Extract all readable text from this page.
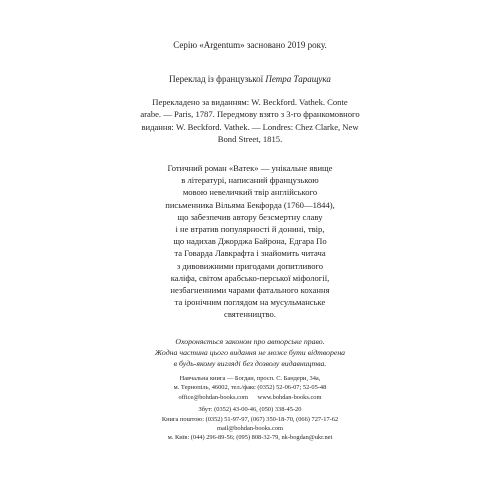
Серію «Argentum» засновано 2019 року.
Переклад із французької Петра Таращука
Перекладено за виданням: W. Beckford. Vathek. Conte
arabe. — Paris, 1787. Передмову взято з 3-го франкомовного
видання: W. Beckford. Vathek. — Londres: Chez Clarke, New
Bond Street, 1815.
Готичний роман «Ватек» — унікальне явище
в літературі, написаний французькою
мовою невеличкий твір англійського
письменника Вільяма Бекфорда (1760—1844),
що забезпечив автору безсмертну славу
і не втратив популярності й донині, твір,
що надихав Джорджа Байрона, Едгара По
та Говарда Лавкрафта і знайомить читача
з дивовижними пригодами допитливого
каліфа, світом арабсько-перської міфології,
незбагненними чарами фатального кохання
та іронічним поглядом на мусульманське
святенництво.
Охороняється законом про авторське право.
Жодна частина цього видання не може бути відтворена
в будь-якому вигляді без дозволу видавництва.
Навчальна книга — Богдан, просп. С. Бандери, 34а,
м. Тернопіль, 46002, тел./факс (0352) 52-06-07; 52-05-48
office@bohdan-books.com      www.bohdan-books.com
Збут: (0352) 43-00-46, (050) 338-45-20
Книга поштою: (0352) 51-97-97, (067) 350-18-70, (066) 727-17-62
mail@bohdan-books.com
м. Київ: (044) 296-89-56; (095) 808-32-79, nk-bogdan@ukr.net
